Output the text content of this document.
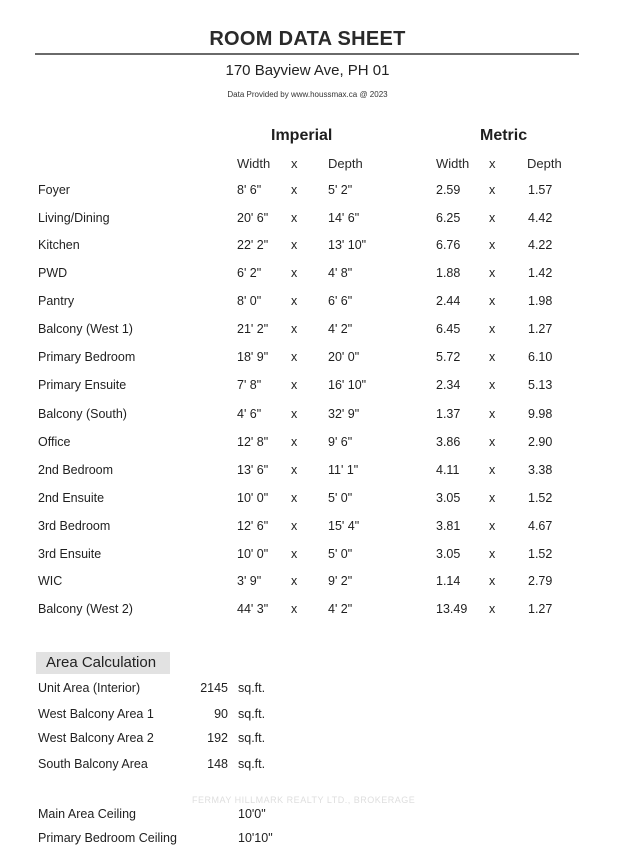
ROOM DATA SHEET
170 Bayview Ave, PH 01
Data Provided by www.houssmax.ca @ 2023
Imperial	Metric
Width x Depth	Width x Depth
Foyer	8' 6" x 5' 2"	2.59 x	1.57
Living/Dining	20' 6" x 14' 6"	6.25 x	4.42
Kitchen	22' 2" x 13' 10"	6.76 x	4.22
PWD	6' 2" x 4' 8"	1.88 x	1.42
Pantry	8' 0" x 6' 6"	2.44 x	1.98
Balcony (West 1)	21' 2" x 4' 2"	6.45 x	1.27
Primary Bedroom	18' 9" x 20' 0"	5.72 x	6.10
Primary Ensuite	7' 8" x 16' 10"	2.34 x	5.13
Balcony (South)	4' 6" x 32' 9"	1.37 x	9.98
Office	12' 8" x 9' 6"	3.86 x	2.90
2nd Bedroom	13' 6" x 11' 1"	4.11 x	3.38
2nd Ensuite	10' 0" x 5' 0"	3.05 x	1.52
3rd Bedroom	12' 6" x 15' 4"	3.81 x	4.67
3rd Ensuite	10' 0" x 5' 0"	3.05 x	1.52
WIC	3' 9" x 9' 2"	1.14 x	2.79
Balcony (West 2)	44' 3" x 4' 2"	13.49 x	1.27
Area Calculation
Unit Area (Interior)	2145 sq.ft.
West Balcony Area 1	90 sq.ft.
West Balcony Area 2	192 sq.ft.
South Balcony Area	148 sq.ft.
FERMAY HILLMARK REALTY LTD., BROKERAGE
Main Area Ceiling	10'0"
Primary Bedroom Ceiling	10'10"
